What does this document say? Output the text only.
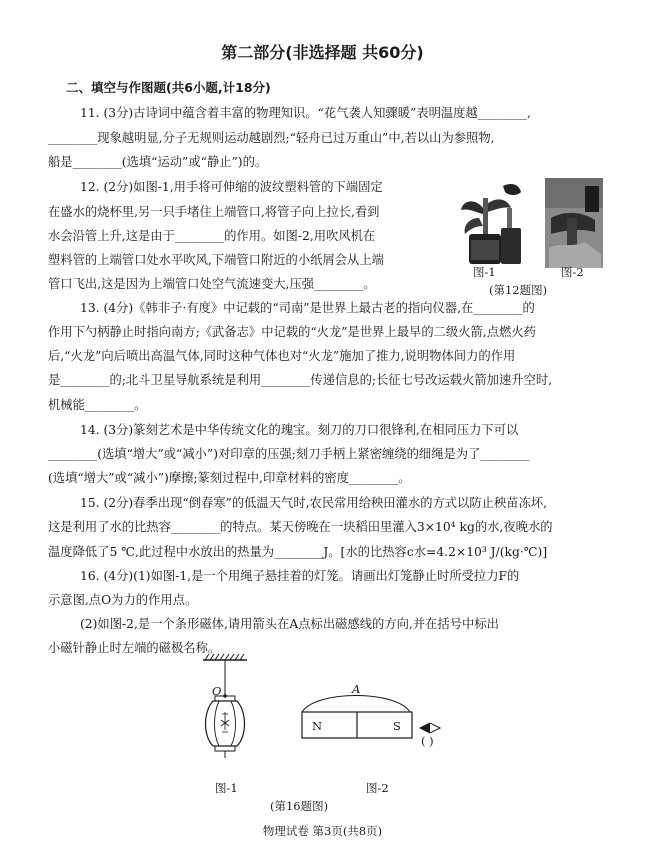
第二部分(非选择题 共60分)
二、填空与作图题(共6小题,计18分)
11. (3分)古诗词中蕴含着丰富的物理知识。“花气袭人知骤暖”表明温度越________,
________现象越明显,分子无规则运动越剧烈;“轻舟已过万重山”中,若以山为参照物,
船是________(选填“运动”或“静止”)的。
12. (2分)如图-1,用手将可伸缩的波纹塑料管的下端固定
在盛水的烧杯里,另一只手堵住上端管口,将管子向上拉长,看到
水会沿管上升,这是由于________的作用。如图-2,用吹风机在
塑料管的上端管口处水平吹风,下端管口附近的小纸屑会从上端
管口飞出,这是因为上端管口处空气流速变大,压强________。
13. (4分)《韩非子·有度》中记载的“司南”是世界上最古老的指向仪器,在________的
作用下勺柄静止时指向南方;《武备志》中记载的“火龙”是世界上最早的二级火箭,点燃火药
后,“火龙”向后喷出高温气体,同时这种气体也对“火龙”施加了推力,说明物体间力的作用
是________的;北斗卫星导航系统是利用________传递信息的;长征七号改运载火箭加速升空时,
机械能________。
14. (3分)篆刻艺术是中华传统文化的瑰宝。刻刀的刀口很锋利,在相同压力下可以
________(选填“增大”或“减小”)对印章的压强;刻刀手柄上紧密缠绕的细绳是为了________
(选填“增大”或“减小”)摩擦;篆刻过程中,印章材料的密度________。
15. (2分)春季出现“倒春寒”的低温天气时,农民常用给秧田灌水的方式以防止秧苗冻坏,
这是利用了水的比热容________的特点。某天傍晚在一块稻田里灌入3×10⁴ kg的水,夜晚水的
温度降低了5 ℃,此过程中水放出的热量为________J。[水的比热容c水=4.2×10³ J/(kg·℃)]
16. (4分)(1)如图-1,是一个用绳子悬挂着的灯笼。请画出灯笼静止时所受拉力F的
示意图,点O为力的作用点。
(2)如图-2,是一个条形磁体,请用箭头在A点标出磁感线的方向,并在括号中标出
小磁针静止时左端的磁极名称。
图-1	图-2
(第12题图)
O
图-1
A
N	S
( )
图-2
(第16题图)
物理试卷 第3页(共8页)
